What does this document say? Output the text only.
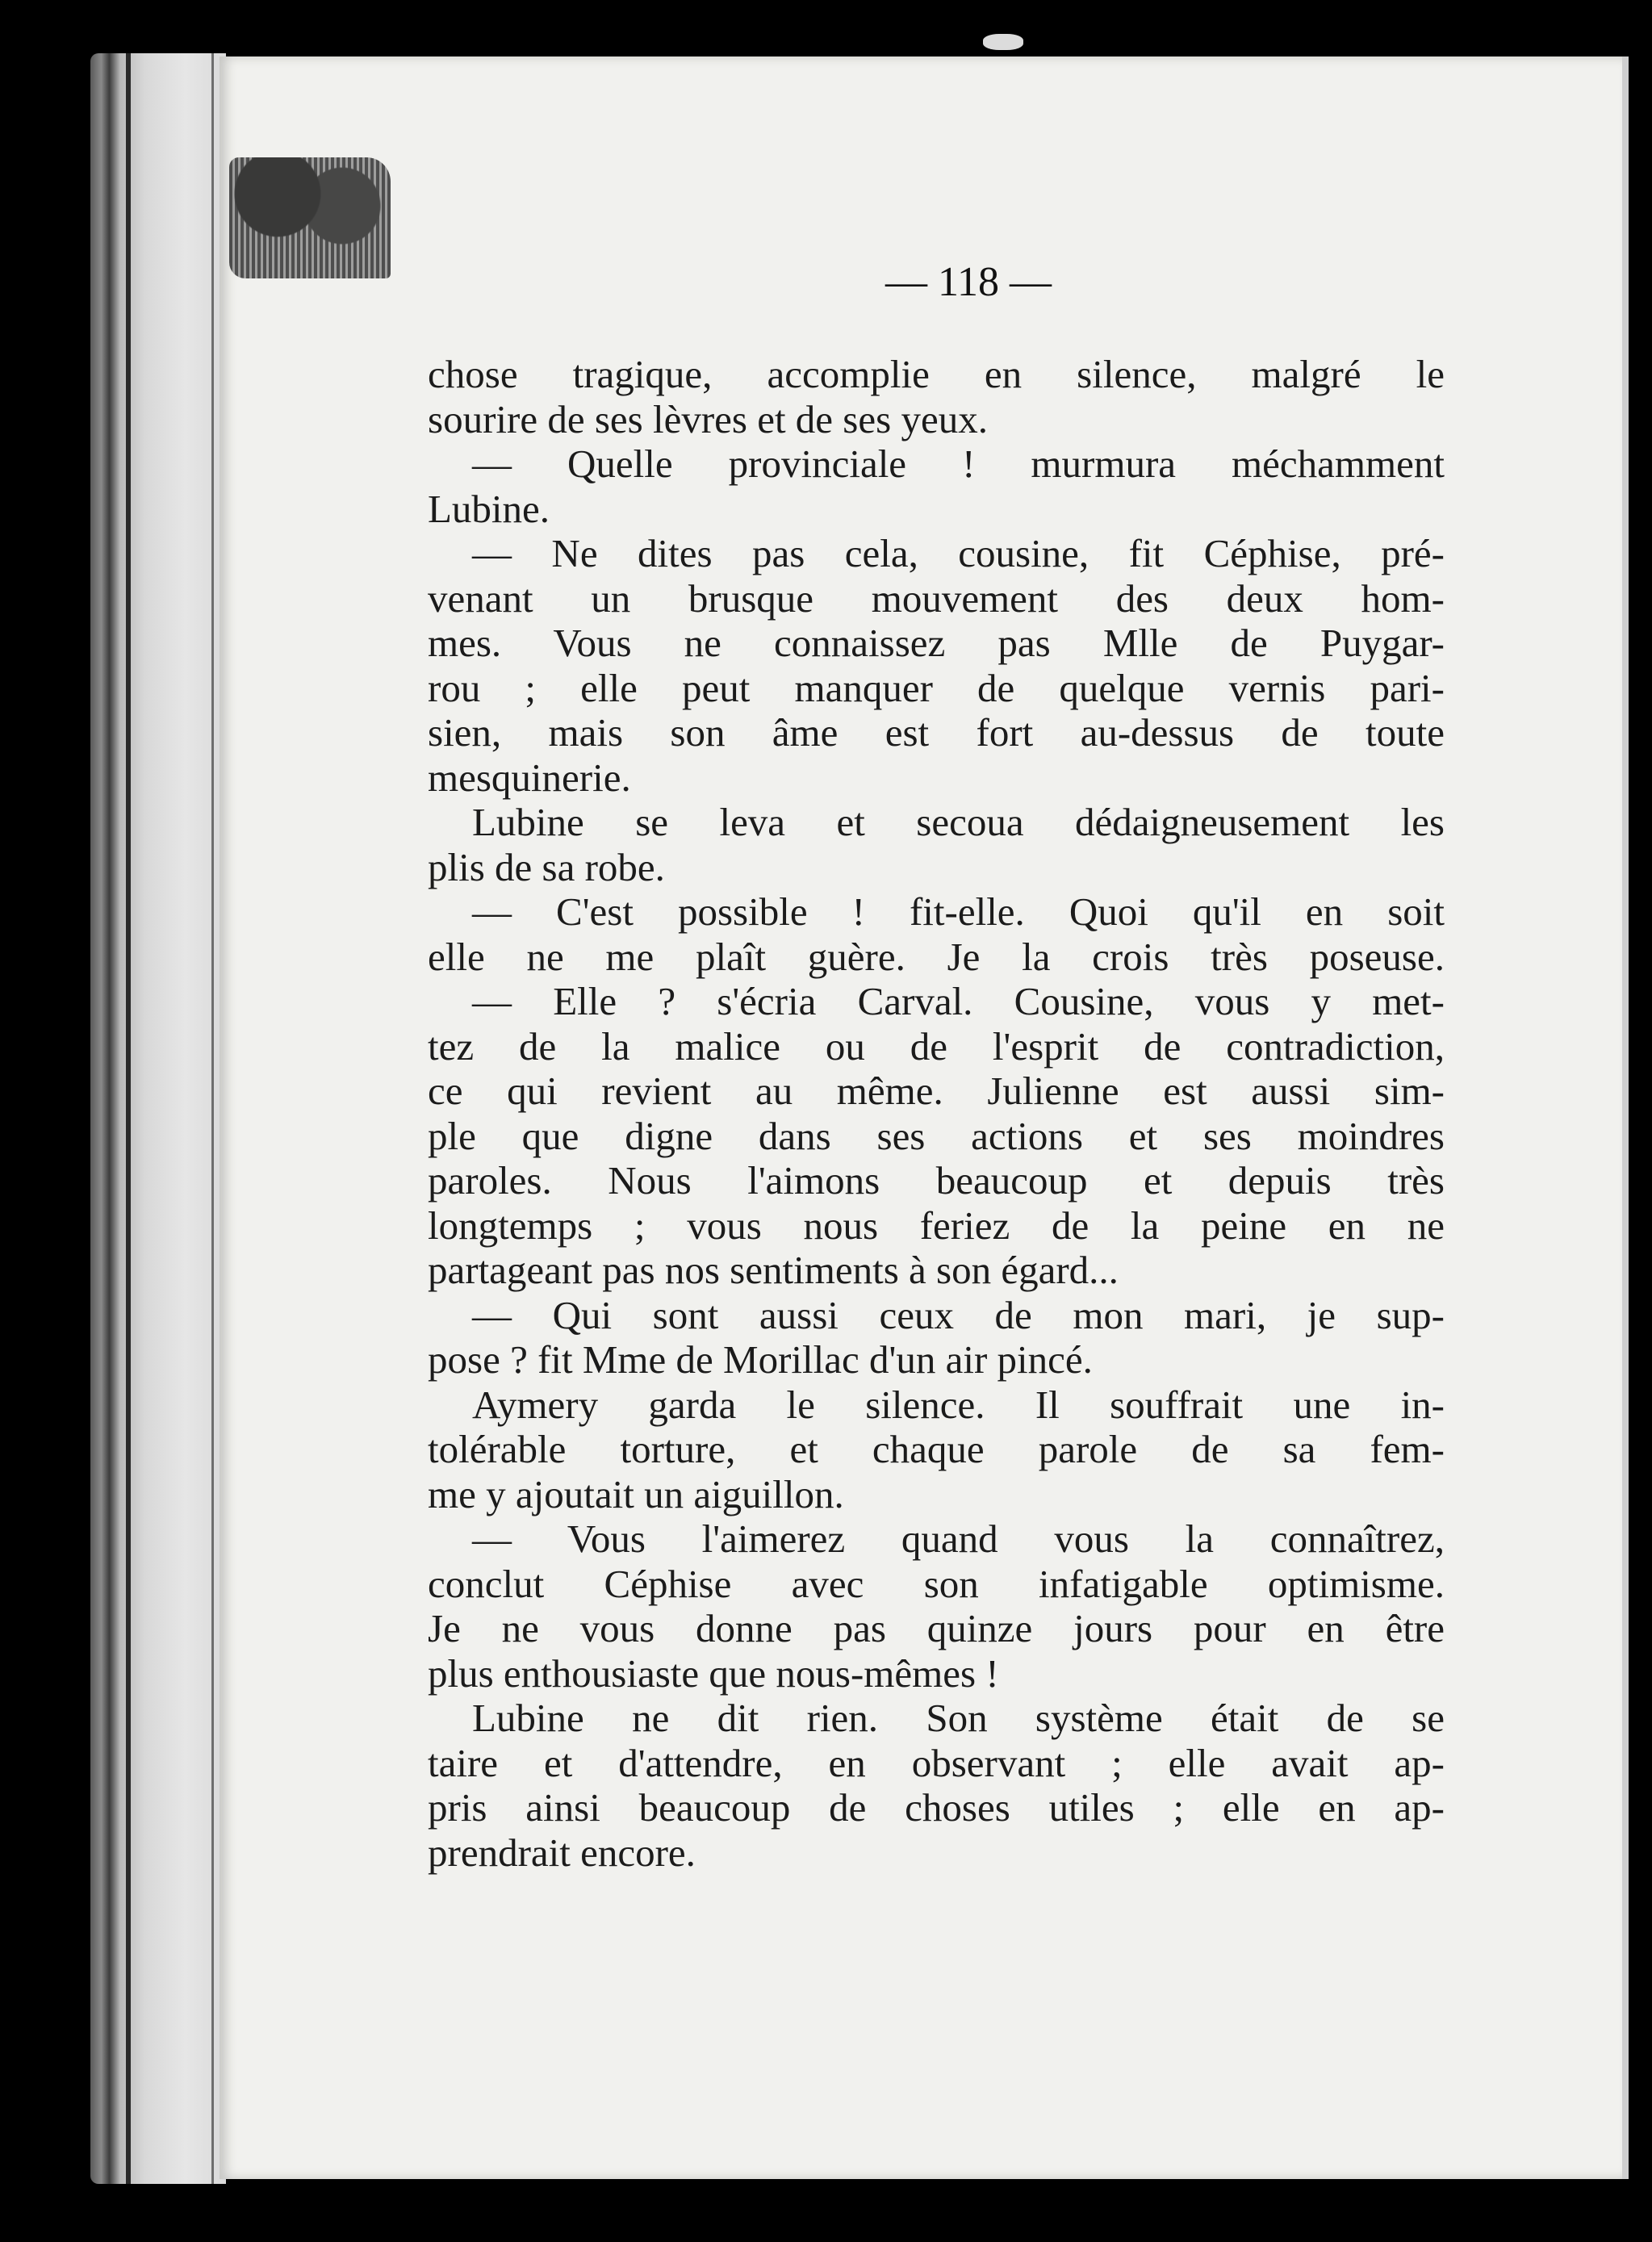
— 118 —
chose tragique, accomplie en silence, malgré le
sourire de ses lèvres et de ses yeux.
— Quelle provinciale ! murmura méchamment
Lubine.
— Ne dites pas cela, cousine, fit Céphise, pré-
venant un brusque mouvement des deux hom-
mes. Vous ne connaissez pas Mlle de Puygar-
rou ; elle peut manquer de quelque vernis pari-
sien, mais son âme est fort au-dessus de toute
mesquinerie.
Lubine se leva et secoua dédaigneusement les
plis de sa robe.
— C'est possible ! fit-elle. Quoi qu'il en soit
elle ne me plaît guère. Je la crois très poseuse.
— Elle ? s'écria Carval. Cousine, vous y met-
tez de la malice ou de l'esprit de contradiction,
ce qui revient au même. Julienne est aussi sim-
ple que digne dans ses actions et ses moindres
paroles. Nous l'aimons beaucoup et depuis très
longtemps ; vous nous feriez de la peine en ne
partageant pas nos sentiments à son égard...
— Qui sont aussi ceux de mon mari, je sup-
pose ? fit Mme de Morillac d'un air pincé.
Aymery garda le silence. Il souffrait une in-
tolérable torture, et chaque parole de sa fem-
me y ajoutait un aiguillon.
— Vous l'aimerez quand vous la connaîtrez,
conclut Céphise avec son infatigable optimisme.
Je ne vous donne pas quinze jours pour en être
plus enthousiaste que nous-mêmes !
Lubine ne dit rien. Son système était de se
taire et d'attendre, en observant ; elle avait ap-
pris ainsi beaucoup de choses utiles ; elle en ap-
prendrait encore.
